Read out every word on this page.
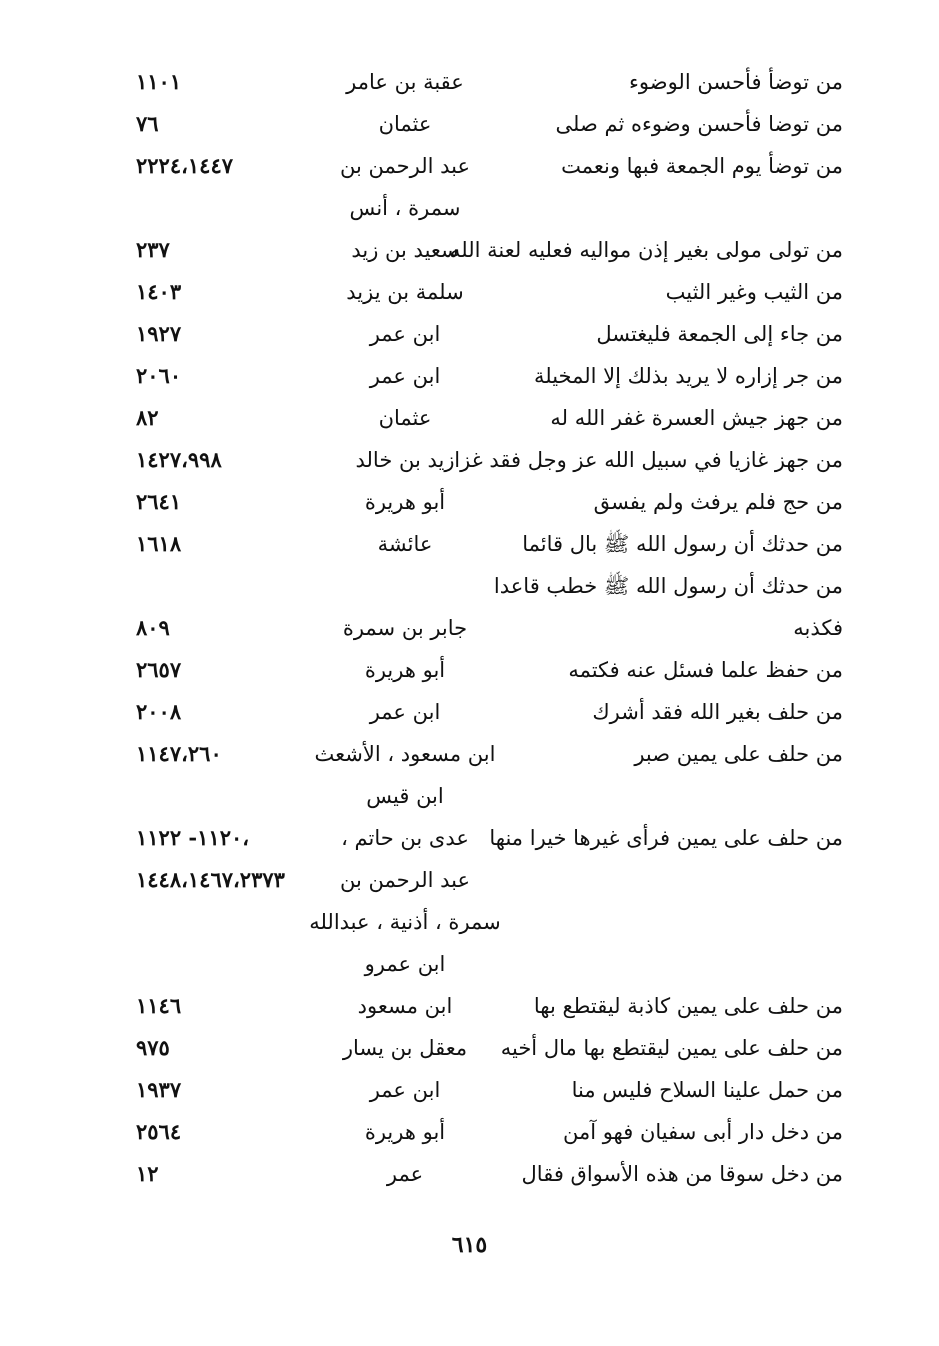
من توضأ فأحسن الوضوء
عقبة بن عامر
١١٠١
من توضا فأحسن وضوءه ثم صلى
عثمان
٧٦
من توضأ يوم الجمعة فبها ونعمت
عبد الرحمن بن
٢٢٢٤،١٤٤٧
سمرة ، أنس
من تولى مولى بغير إذن مواليه فعليه لعنة الله
سعيد بن زيد
٢٣٧
من الثيب وغير الثيب
سلمة بن يزيد
١٤٠٣
من جاء إلى الجمعة فليغتسل
ابن عمر
١٩٢٧
من جر إزاره لا يريد بذلك إلا المخيلة
ابن عمر
٢٠٦٠
من جهز جيش العسرة غفر الله له
عثمان
٨٢
من جهز غازيا في سبيل الله عز وجل فقد غزا
زيد بن خالد
١٤٢٧،٩٩٨
من حج فلم يرفث ولم يفسق
أبو هريرة
٢٦٤١
من حدثك أن رسول الله ﷺ بال قائما
عائشة
١٦١٨
من حدثك أن رسول الله ﷺ خطب قاعدا
فكذبه
جابر بن سمرة
٨٠٩
من حفظ علما فسئل عنه فكتمه
أبو هريرة
٢٦٥٧
من حلف بغير الله فقد أشرك
ابن عمر
٢٠٠٨
من حلف على يمين صبر
ابن مسعود ، الأشعث
١١٤٧،٢٦٠
ابن قيس
من حلف على يمين فرأى غيرها خيرا منها
عدى بن حاتم ،
١١٢٠- ١١٢٢،
عبد الرحمن بن
١٤٤٨،١٤٦٧،٢٣٧٣
سمرة ، أذنية ، عبدالله
ابن عمرو
من حلف على يمين كاذبة ليقتطع بها
ابن مسعود
١١٤٦
من حلف على يمين ليقتطع بها مال أخيه
معقل بن يسار
٩٧٥
من حمل علينا السلاح فليس منا
ابن عمر
١٩٣٧
من دخل دار أبى سفيان فهو آمن
أبو هريرة
٢٥٦٤
من دخل سوقا من هذه الأسواق فقال
عمر
١٢
٦١٥
